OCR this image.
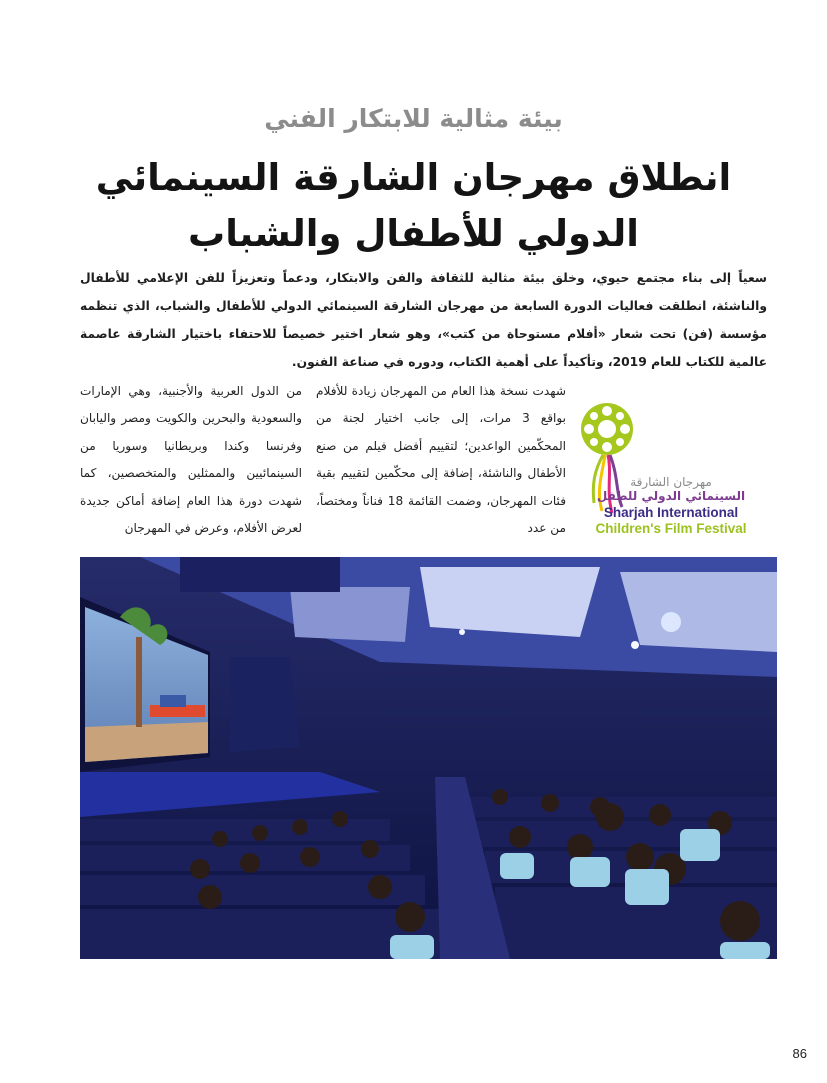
بيئة مثالية للابتكار الفني
انطلاق مهرجان الشارقة السينمائي الدولي للأطفال والشباب
سعياً إلى بناء مجتمع حيوي، وخلق بيئة مثالية للثقافة والفن والابتكار، ودعماً وتعزيزاً للفن الإعلامي للأطفال والناشئة، انطلقت فعاليات الدورة السابعة من مهرجان الشارقة السينمائي الدولي للأطفال والشباب، الذي تنظمه مؤسسة (فن) تحت شعار «أفلام مستوحاة من كتب»، وهو شعار اختير خصيصاً للاحتفاء باختيار الشارقة عاصمة عالمية للكتاب للعام 2019، وتأكيداً على أهمية الكتاب، ودوره في صناعة الفنون.
شهدت نسخة هذا العام من المهرجان زيادة للأفلام بواقع 3 مرات، إلى جانب اختيار لجنة من المحكّمين الواعدين؛ لتقييم أفضل فيلم من صنع الأطفال والناشئة، إضافة إلى محكّمين لتقييم بقية فئات المهرجان، وضمت القائمة 18 فناناً ومختصاً، من عدد
من الدول العربية والأجنبية، وهي الإمارات والسعودية والبحرين والكويت ومصر واليابان وفرنسا وكندا وبريطانيا وسوريا من السينمائيين والممثلين والمتخصصين، كما شهدت دورة هذا العام إضافة أماكن جديدة لعرض الأفلام، وعرض في المهرجان
مهرجان الشارقة
السينمائي الدولي للطفل
Sharjah International
Children's Film Festival
86
